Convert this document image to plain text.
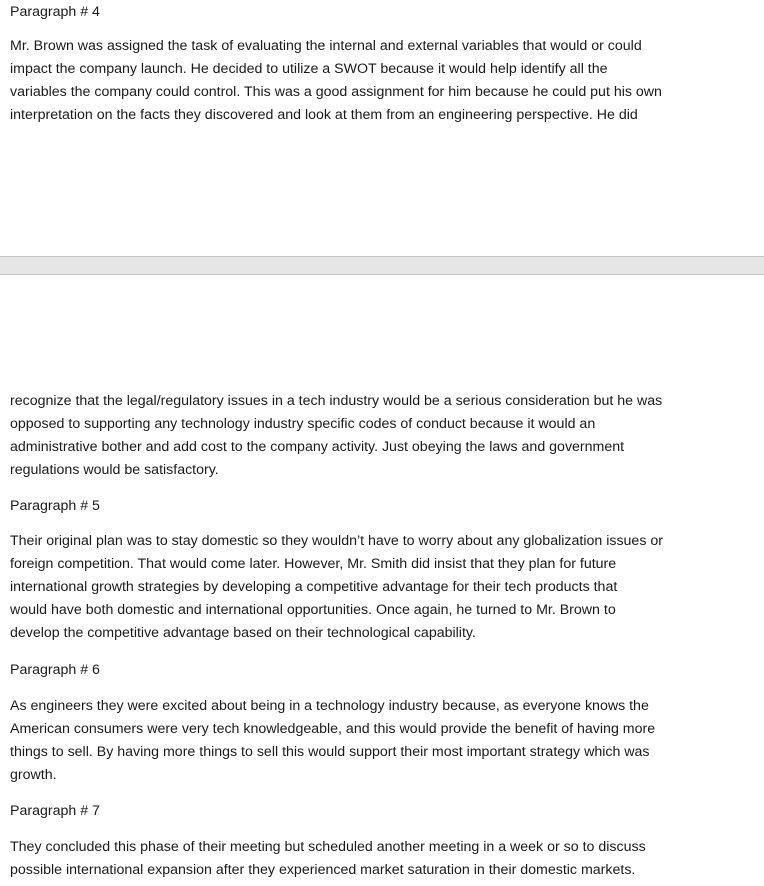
Paragraph # 4
Mr. Brown was assigned the task of evaluating the internal and external variables that would or could
impact the company launch. He decided to utilize a SWOT because it would help identify all the
variables the company could control. This was a good assignment for him because he could put his own
interpretation on the facts they discovered and look at them from an engineering perspective. He did
recognize that the legal/regulatory issues in a tech industry would be a serious consideration but he was
opposed to supporting any technology industry specific codes of conduct because it would an
administrative bother and add cost to the company activity. Just obeying the laws and government
regulations would be satisfactory.
Paragraph # 5
Their original plan was to stay domestic so they wouldn’t have to worry about any globalization issues or
foreign competition. That would come later. However, Mr. Smith did insist that they plan for future
international growth strategies by developing a competitive advantage for their tech products that
would have both domestic and international opportunities. Once again, he turned to Mr. Brown to
develop the competitive advantage based on their technological capability.
Paragraph # 6
As engineers they were excited about being in a technology industry because, as everyone knows the
American consumers were very tech knowledgeable, and this would provide the benefit of having more
things to sell. By having more things to sell this would support their most important strategy which was
growth.
Paragraph # 7
They concluded this phase of their meeting but scheduled another meeting in a week or so to discuss
possible international expansion after they experienced market saturation in their domestic markets.
